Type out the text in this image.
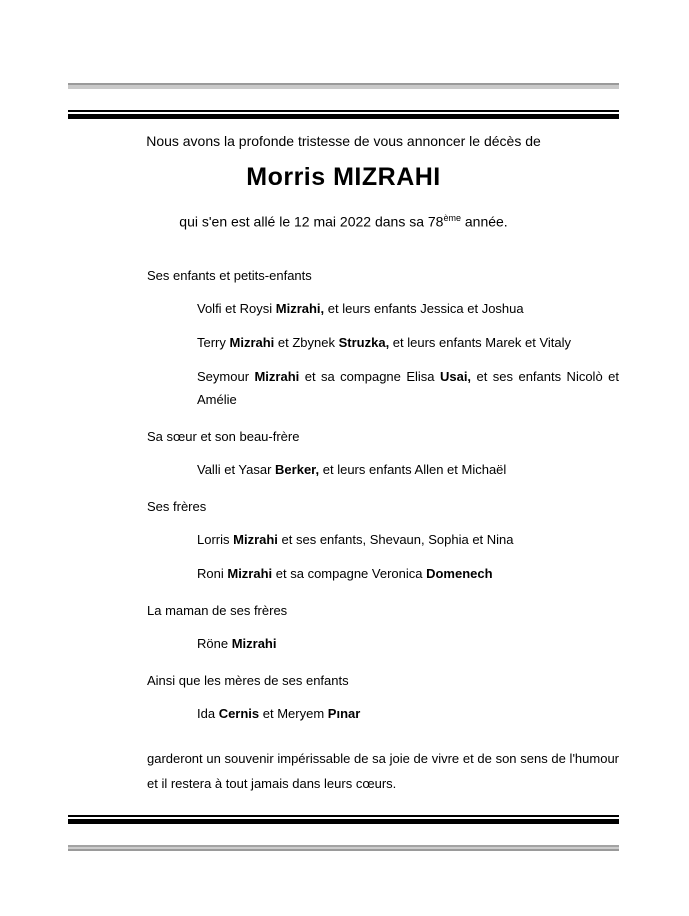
Nous avons la profonde tristesse de vous annoncer le décès de
Morris MIZRAHI
qui s'en est allé le 12 mai 2022 dans sa 78ème année.
Ses enfants et petits-enfants
Volfi et Roysi Mizrahi, et leurs enfants Jessica et Joshua
Terry Mizrahi et Zbynek Struzka, et leurs enfants Marek et Vitaly
Seymour Mizrahi et sa compagne Elisa Usai, et ses enfants Nicolò et Amélie
Sa sœur et son beau-frère
Valli et Yasar Berker, et leurs enfants Allen et Michaël
Ses frères
Lorris Mizrahi et ses enfants, Shevaun, Sophia et Nina
Roni Mizrahi et sa compagne Veronica Domenech
La maman de ses frères
Röne Mizrahi
Ainsi que les mères de ses enfants
Ida Cernis et Meryem Pınar
garderont un souvenir impérissable de sa joie de vivre et de son sens de l'humour et il restera à tout jamais dans leurs cœurs.
